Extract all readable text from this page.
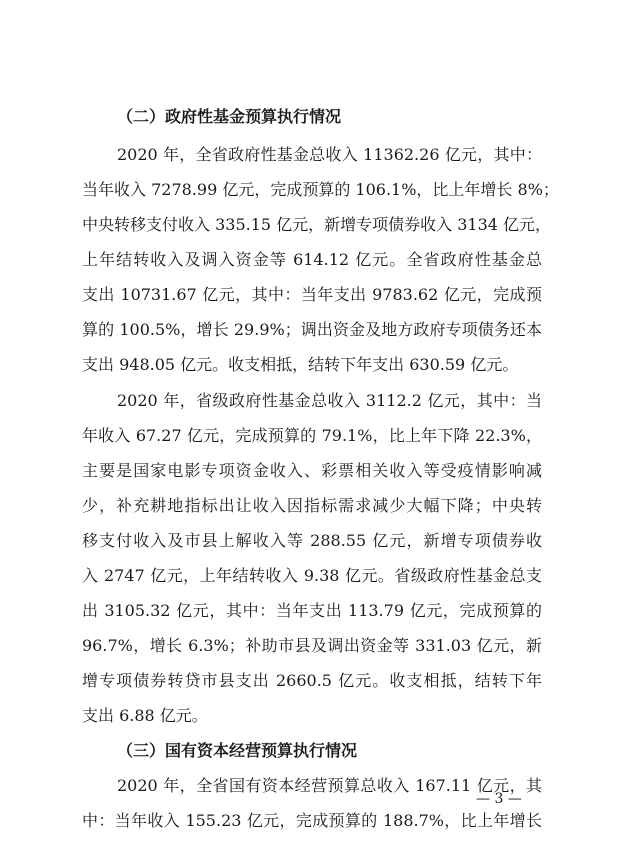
（二）政府性基金预算执行情况
2020 年，全省政府性基金总收入 11362.26 亿元，其中：
当年收入 7278.99 亿元，完成预算的 106.1%，比上年增长 8%；
中央转移支付收入 335.15 亿元，新增专项债券收入 3134 亿元，
上年结转收入及调入资金等 614.12 亿元。全省政府性基金总
支出 10731.67 亿元，其中：当年支出 9783.62 亿元，完成预
算的 100.5%，增长 29.9%；调出资金及地方政府专项债务还本
支出 948.05 亿元。收支相抵，结转下年支出 630.59 亿元。
2020 年，省级政府性基金总收入 3112.2 亿元，其中：当
年收入 67.27 亿元，完成预算的 79.1%，比上年下降 22.3%，
主要是国家电影专项资金收入、彩票相关收入等受疫情影响减
少，补充耕地指标出让收入因指标需求减少大幅下降；中央转
移支付收入及市县上解收入等 288.55 亿元，新增专项债券收
入 2747 亿元，上年结转收入 9.38 亿元。省级政府性基金总支
出 3105.32 亿元，其中：当年支出 113.79 亿元，完成预算的
96.7%，增长 6.3%；补助市县及调出资金等 331.03 亿元，新
增专项债券转贷市县支出 2660.5 亿元。收支相抵，结转下年
支出 6.88 亿元。
（三）国有资本经营预算执行情况
— 3 —
2020 年，全省国有资本经营预算总收入 167.11 亿元，其
中：当年收入 155.23 亿元，完成预算的 188.7%，比上年增长
